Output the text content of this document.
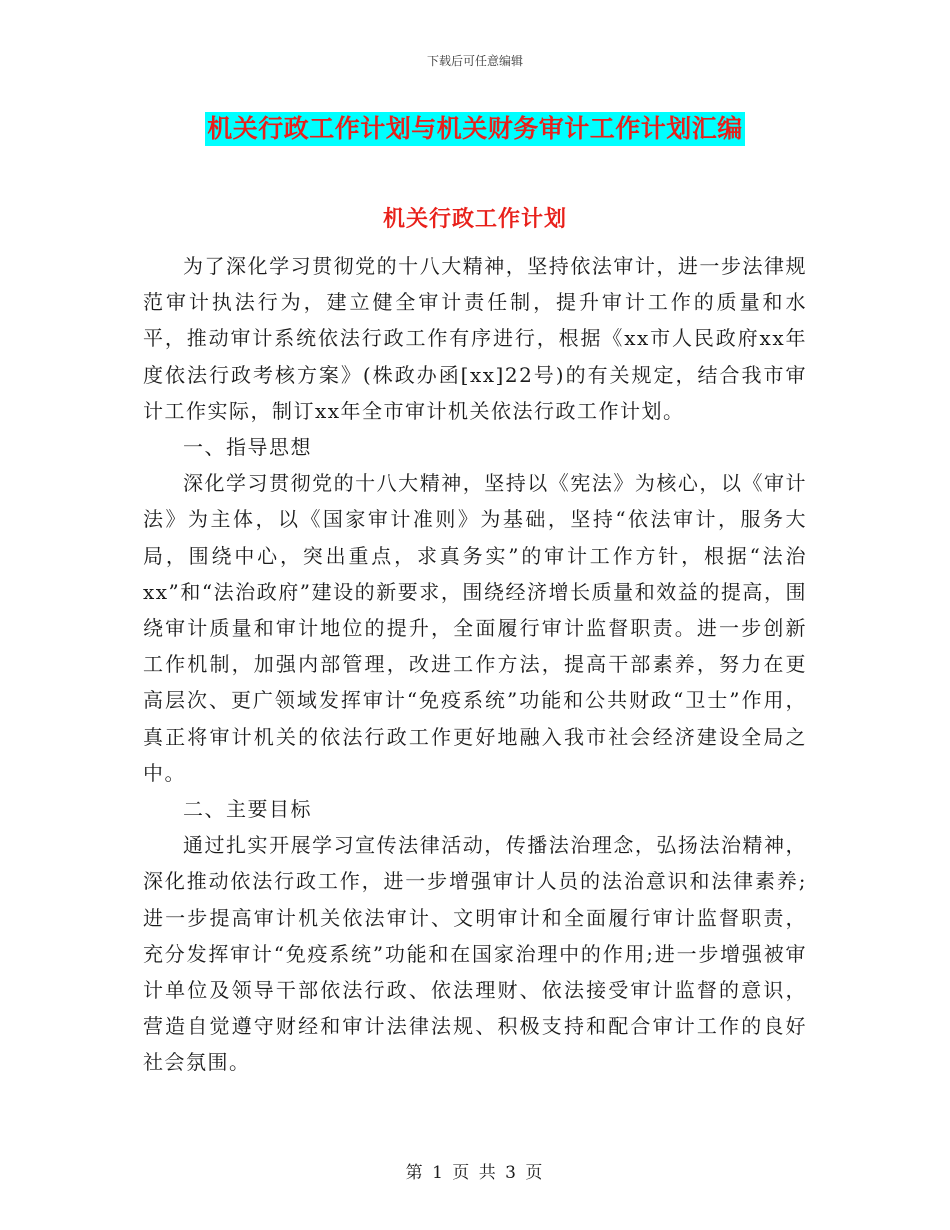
下载后可任意编辑
机关行政工作计划与机关财务审计工作计划汇编
机关行政工作计划

为了深化学习贯彻党的十八大精神，坚持依法审计，进一步法律规范审计执法行为，建立健全审计责任制，提升审计工作的质量和水平，推动审计系统依法行政工作有序进行，根据《xx市人民政府xx年度依法行政考核方案》(株政办函[xx]22号)的有关规定，结合我市审计工作实际，制订xx年全市审计机关依法行政工作计划。

一、指导思想

深化学习贯彻党的十八大精神，坚持以《宪法》为核心，以《审计法》为主体，以《国家审计准则》为基础，坚持“依法审计，服务大局，围绕中心，突出重点，求真务实”的审计工作方针，根据“法治xx”和“法治政府”建设的新要求，围绕经济增长质量和效益的提高，围绕审计质量和审计地位的提升，全面履行审计监督职责。进一步创新工作机制，加强内部管理，改进工作方法，提高干部素养，努力在更高层次、更广领域发挥审计“免疫系统”功能和公共财政“卫士”作用，真正将审计机关的依法行政工作更好地融入我市社会经济建设全局之中。

二、主要目标

通过扎实开展学习宣传法律活动，传播法治理念，弘扬法治精神，深化推动依法行政工作，进一步增强审计人员的法治意识和法律素养;进一步提高审计机关依法审计、文明审计和全面履行审计监督职责，充分发挥审计“免疫系统”功能和在国家治理中的作用;进一步增强被审计单位及领导干部依法行政、依法理财、依法接受审计监督的意识，营造自觉遵守财经和审计法律法规、积极支持和配合审计工作的良好社会氛围。

第 1 页 共 3 页
